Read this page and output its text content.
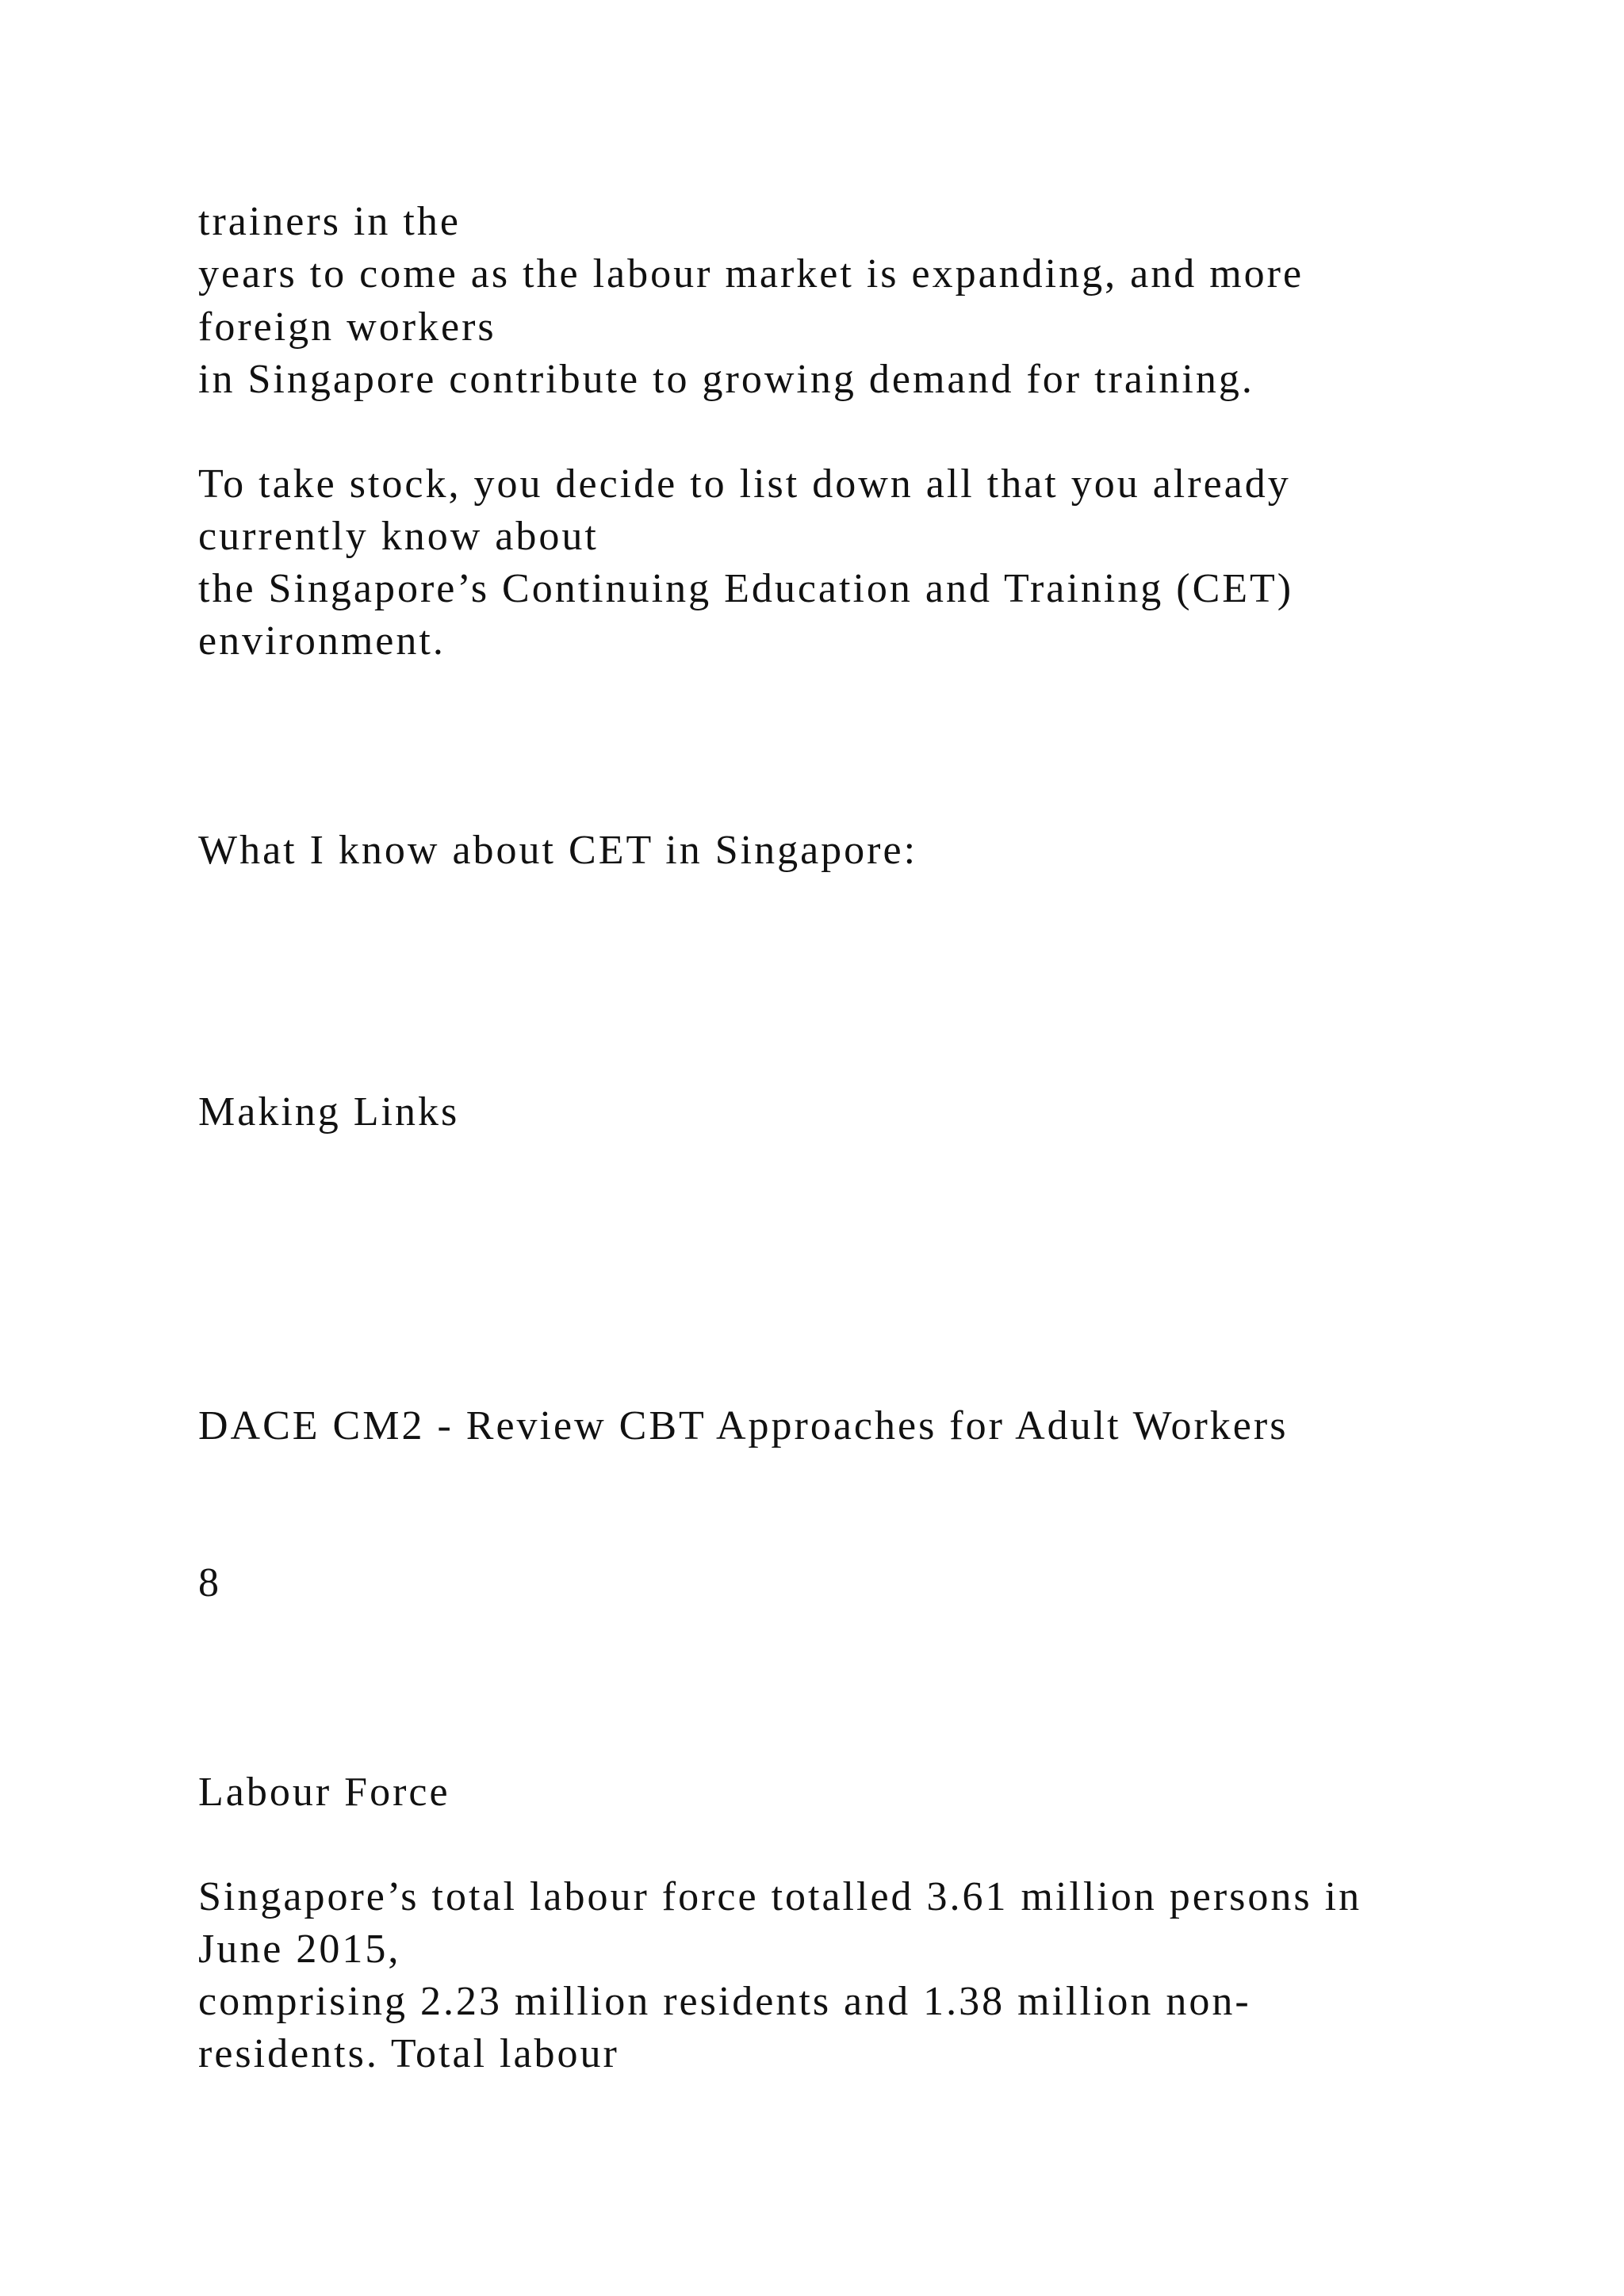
trainers in the

years to come as the labour market is expanding, and more

foreign workers

in Singapore contribute to growing demand for training.

To take stock, you decide to list down all that you already

currently know about

the Singapore’s Continuing Education and Training (CET)

environment.

What I know about CET in Singapore:

Making Links

DACE CM2 - Review CBT Approaches for Adult Workers

8

Labour Force

Singapore’s total labour force totalled 3.61 million persons in

June 2015,

comprising 2.23 million residents and 1.38 million non-

residents. Total labour
